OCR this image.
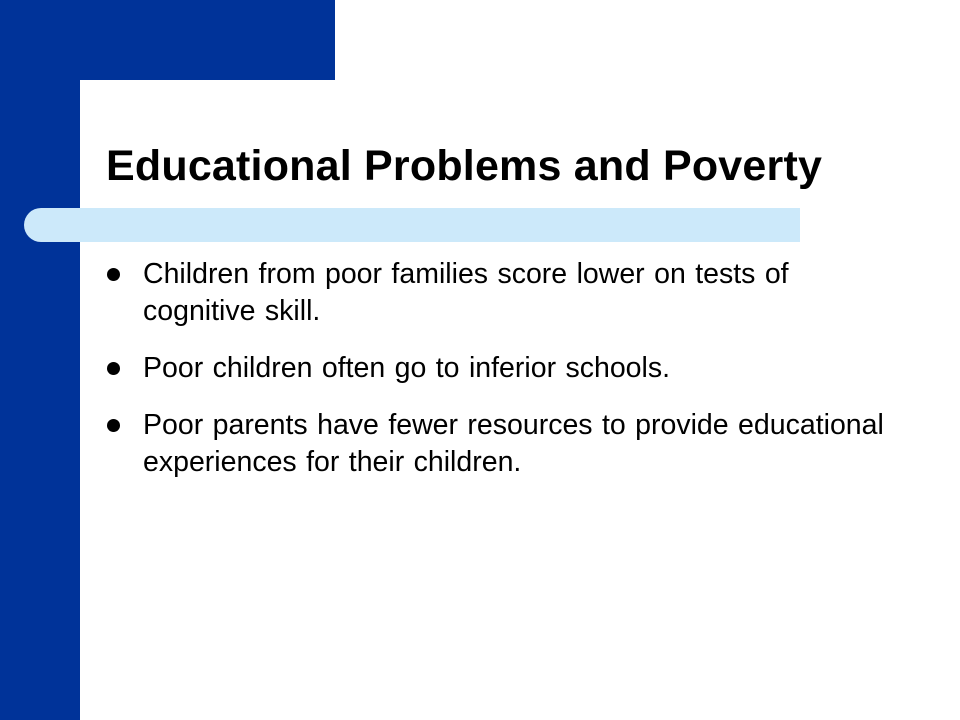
Educational Problems and Poverty
Children from poor families score lower on tests of cognitive skill.
Poor children often go to inferior schools.
Poor parents have fewer resources to provide educational experiences for their children.
